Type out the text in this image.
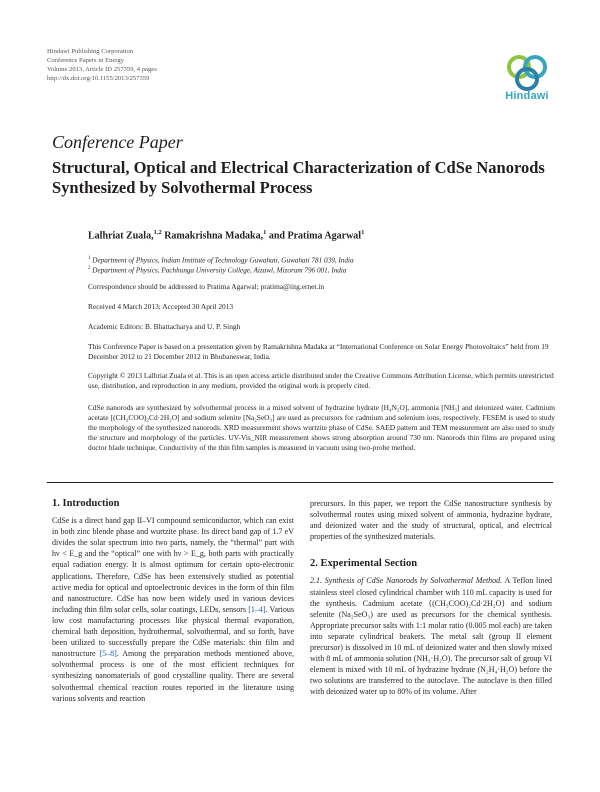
Hindawi Publishing Corporation
Conference Papers in Energy
Volume 2013, Article ID 257359, 4 pages
http://dx.doi.org/10.1155/2013/257359
Hindawi
Conference Paper
Structural, Optical and Electrical Characterization of CdSe Nanorods Synthesized by Solvothermal Process
Lalhriat Zuala,$^{1,2}$ Ramakrishna Madaka,$^1$ and Pratima Agarwal$^1$
$^1$ Department of Physics, Indian Institute of Technology Guwahati, Guwahati 781 039, India
$^2$ Department of Physics, Pachhunga University College, Aizawl, Mizoram 796 001, India
Correspondence should be addressed to Pratima Agarwal; pratima@iitg.ernet.in
Received 4 March 2013; Accepted 30 April 2013
Academic Editors: B. Bhattacharya and U. P. Singh
This Conference Paper is based on a presentation given by Ramakrishna Madaka at “International Conference on Solar Energy Photovoltaics” held from 19 December 2012 to 21 December 2012 in Bhubaneswar, India.
Copyright © 2013 Lalhriat Zuala et al. This is an open access article distributed under the Creative Commons Attribution License, which permits unrestricted use, distribution, and reproduction in any medium, provided the original work is properly cited.
CdSe nanorods are synthesized by solvothermal process in a mixed solvent of hydrazine hydrate [H₄N₂O], ammonia [NH₃] and deionized water. Cadmium acetate [(CH₃COO)₂Cd·2H₂O] and sodium selenite [Na₂SeO₃] are used as precursors for cadmium and selenium ions, respectively. FESEM is used to study the morphology of the synthesized nanorods. XRD measurement shows wurtzite phase of CdSe. SAED pattern and TEM measurement are also used to study the structure and morphology of the particles. UV-Vis_NIR measurement shows strong absorption around 730 nm. Nanorods thin films are prepared using doctor blade technique. Conductivity of the thin film samples is measured in vacuum using two-probe method.
1. Introduction

CdSe is a direct band gap II–VI compound semiconductor, which can exist in both zinc blende phase and wurtzite phase. Its direct band gap of 1.7 eV divides the solar spectrum into two parts, namely, the “thermal” part with hν < E_g and the “optical” one with hν > E_g, both parts with practically equal radiation energy. It is almost optimum for certain opto-electronic applications. Therefore, CdSe has been extensively studied as potential active media for optical and optoelectronic devices in the form of thin film and nanostructure. CdSe has now been widely used in various devices including thin film solar cells, solar coatings, LEDs, sensors [1–4]. Various low cost manufacturing processes like physical thermal evaporation, chemical bath deposition, hydrothermal, solvothermal, and so forth, have been utilized to successfully prepare the CdSe materials: thin film and nanostructure [5–8]. Among the preparation methods mentioned above, solvothermal process is one of the most efficient techniques for synthesizing nanomaterials of good crystalline quality. There are several solvothermal chemical reaction routes reported in the literature using various solvents and reaction

precursors. In this paper, we report the CdSe nanostructure synthesis by solvothermal routes using mixed solvent of ammonia, hydrazine hydrate, and deionized water and the study of structural, optical, and electrical properties of the synthesized materials.

2. Experimental Section

2.1. Synthesis of CdSe Nanorods by Solvothermal Method. A Teflon lined stainless steel closed cylindrical chamber with 110 mL capacity is used for the synthesis. Cadmium acetate {(CH₃COO)₂Cd·2H₂O} and sodium selenite (Na₂SeO₃) are used as precursors for the chemical synthesis. Appropriate precursor salts with 1:1 molar ratio (0.005 mol each) are taken into separate cylindrical beakers. The metal salt (group II element precursor) is dissolved in 10 mL of deionized water and then slowly mixed with 8 mL of ammonia solution (NH₃·H₂O). The precursor salt of group VI element is mixed with 10 mL of hydrazine hydrate (N₂H₄·H₂O) before the two solutions are transferred to the autoclave. The autoclave is then filled with deionized water up to 80% of its volume. After
